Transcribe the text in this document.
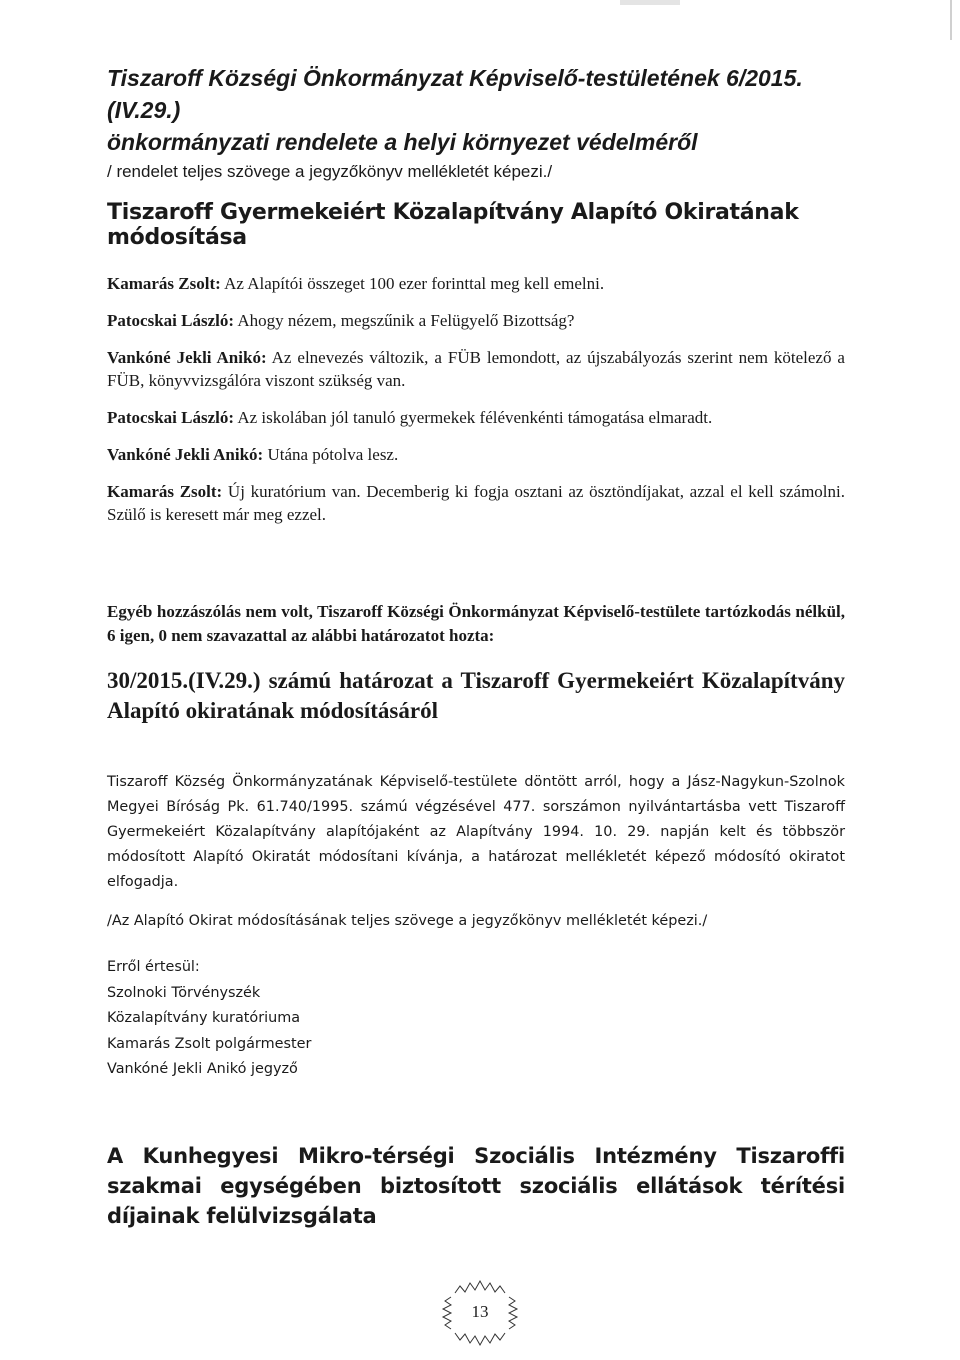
Tiszaroff Községi Önkormányzat Képviselő-testületének 6/2015.(IV.29.)
önkormányzati rendelete a helyi környezet védelméről
/ rendelet teljes szövege a jegyzőkönyv mellékletét képezi./
Tiszaroff Gyermekeiért Közalapítvány Alapító Okiratának módosítása

Kamarás Zsolt: Az Alapítói összeget 100 ezer forinttal meg kell emelni.

Patocskai László: Ahogy nézem, megszűnik a Felügyelő Bizottság?

Vankóné Jekli Anikó: Az elnevezés változik, a FÜB lemondott, az újszabályozás szerint nem kötelező a FÜB, könyvvizsgálóra viszont szükség van.

Patocskai László: Az iskolában jól tanuló gyermekek félévenkénti támogatása elmaradt.

Vankóné Jekli Anikó: Utána pótolva lesz.

Kamarás Zsolt: Új kuratórium van. Decemberig ki fogja osztani az ösztöndíjakat, azzal el kell számolni. Szülő is keresett már meg ezzel.

Egyéb hozzászólás nem volt, Tiszaroff Községi Önkormányzat Képviselő-testülete tartózkodás nélkül, 6 igen, 0 nem szavazattal az alábbi határozatot hozta:
30/2015.(IV.29.) számú határozat a Tiszaroff Gyermekeiért Közalapítvány Alapító okiratának módosításáról
Tiszaroff Község Önkormányzatának Képviselő-testülete döntött arról, hogy a Jász-Nagykun-Szolnok Megyei Bíróság Pk. 61.740/1995. számú végzésével 477. sorszámon nyilvántartásba vett Tiszaroff Gyermekeiért Közalapítvány alapítójaként az Alapítvány 1994. 10. 29. napján kelt és többször módosított Alapító Okiratát módosítani kívánja, a határozat mellékletét képező módosító okiratot elfogadja.
/Az Alapító Okirat módosításának teljes szövege a jegyzőkönyv mellékletét képezi./
Erről értesül:
Szolnoki Törvényszék
Közalapítvány kuratóriuma
Kamarás Zsolt polgármester
Vankóné Jekli Anikó jegyző
A Kunhegyesi Mikro-térségi Szociális Intézmény Tiszaroffi szakmai egységében biztosított szociális ellátások térítési díjainak felülvizsgálata
13
